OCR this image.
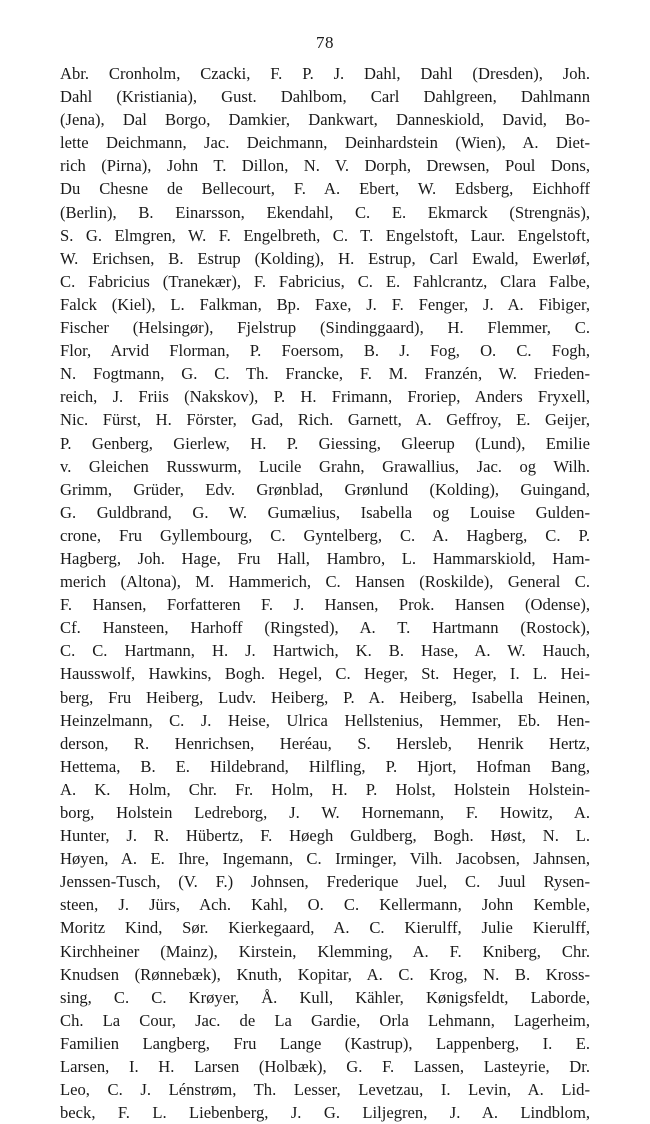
78
Abr. Cronholm, Czacki, F. P. J. Dahl, Dahl (Dresden), Joh.
Dahl (Kristiania), Gust. Dahlbom, Carl Dahlgreen, Dahlmann
(Jena), Dal Borgo, Damkier, Dankwart, Danneskiold, David, Bo-
lette Deichmann, Jac. Deichmann, Deinhardstein (Wien), A. Diet-
rich (Pirna), John T. Dillon, N. V. Dorph, Drewsen, Poul Dons,
Du Chesne de Bellecourt, F. A. Ebert, W. Edsberg, Eichhoff
(Berlin), B. Einarsson, Ekendahl, C. E. Ekmarck (Strengnäs),
S. G. Elmgren, W. F. Engelbreth, C. T. Engelstoft, Laur. Engelstoft,
W. Erichsen, B. Estrup (Kolding), H. Estrup, Carl Ewald, Ewerløf,
C. Fabricius (Tranekær), F. Fabricius, C. E. Fahlcrantz, Clara Falbe,
Falck (Kiel), L. Falkman, Bp. Faxe, J. F. Fenger, J. A. Fibiger,
Fischer (Helsingør), Fjelstrup (Sindinggaard), H. Flemmer, C.
Flor, Arvid Florman, P. Foersom, B. J. Fog, O. C. Fogh,
N. Fogtmann, G. C. Th. Francke, F. M. Franzén, W. Frieden-
reich, J. Friis (Nakskov), P. H. Frimann, Froriep, Anders Fryxell,
Nic. Fürst, H. Förster, Gad, Rich. Garnett, A. Geffroy, E. Geijer,
P. Genberg, Gierlew, H. P. Giessing, Gleerup (Lund), Emilie
v. Gleichen Russwurm, Lucile Grahn, Grawallius, Jac. og Wilh.
Grimm, Grüder, Edv. Grønblad, Grønlund (Kolding), Guingand,
G. Guldbrand, G. W. Gumælius, Isabella og Louise Gulden-
crone, Fru Gyllembourg, C. Gyntelberg, C. A. Hagberg, C. P.
Hagberg, Joh. Hage, Fru Hall, Hambro, L. Hammarskiold, Ham-
merich (Altona), M. Hammerich, C. Hansen (Roskilde), General C.
F. Hansen, Forfatteren F. J. Hansen, Prok. Hansen (Odense),
Cf. Hansteen, Harhoff (Ringsted), A. T. Hartmann (Rostock),
C. C. Hartmann, H. J. Hartwich, K. B. Hase, A. W. Hauch,
Hausswolf, Hawkins, Bogh. Hegel, C. Heger, St. Heger, I. L. Hei-
berg, Fru Heiberg, Ludv. Heiberg, P. A. Heiberg, Isabella Heinen,
Heinzelmann, C. J. Heise, Ulrica Hellstenius, Hemmer, Eb. Hen-
derson, R. Henrichsen, Heréau, S. Hersleb, Henrik Hertz,
Hettema, B. E. Hildebrand, Hilfling, P. Hjort, Hofman Bang,
A. K. Holm, Chr. Fr. Holm, H. P. Holst, Holstein Holstein-
borg, Holstein Ledreborg, J. W. Hornemann, F. Howitz, A.
Hunter, J. R. Hübertz, F. Høegh Guldberg, Bogh. Høst, N. L.
Høyen, A. E. Ihre, Ingemann, C. Irminger, Vilh. Jacobsen, Jahnsen,
Jenssen-Tusch, (V. F.) Johnsen, Frederique Juel, C. Juul Rysen-
steen, J. Jürs, Ach. Kahl, O. C. Kellermann, John Kemble,
Moritz Kind, Sør. Kierkegaard, A. C. Kierulff, Julie Kierulff,
Kirchheiner (Mainz), Kirstein, Klemming, A. F. Kniberg, Chr.
Knudsen (Rønnebæk), Knuth, Kopitar, A. C. Krog, N. B. Kross-
sing, C. C. Krøyer, Å. Kull, Kähler, Kønigsfeldt, Laborde,
Ch. La Cour, Jac. de La Gardie, Orla Lehmann, Lagerheim,
Familien Langberg, Fru Lange (Kastrup), Lappenberg, I. E.
Larsen, I. H. Larsen (Holbæk), G. F. Lassen, Lasteyrie, Dr.
Leo, C. J. Lénstrøm, Th. Lesser, Levetzau, I. Levin, A. Lid-
beck, F. L. Liebenberg, J. G. Liljegren, J. A. Lindblom,
